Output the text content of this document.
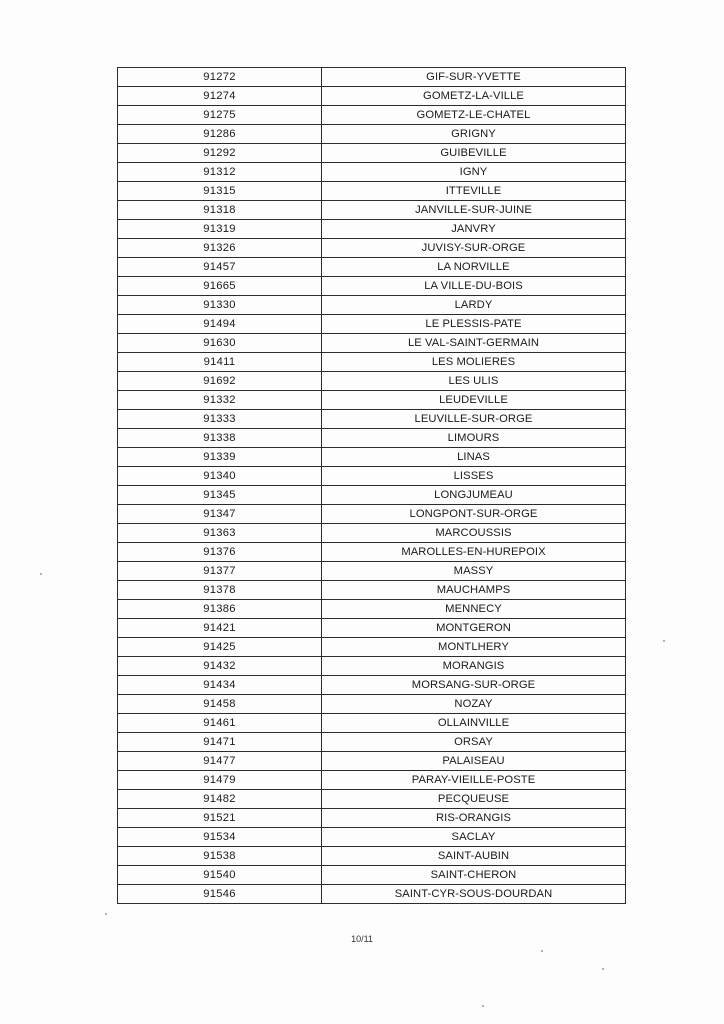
91272	GIF-SUR-YVETTE
91274	GOMETZ-LA-VILLE
91275	GOMETZ-LE-CHATEL
91286	GRIGNY
91292	GUIBEVILLE
91312	IGNY
91315	ITTEVILLE
91318	JANVILLE-SUR-JUINE
91319	JANVRY
91326	JUVISY-SUR-ORGE
91457	LA NORVILLE
91665	LA VILLE-DU-BOIS
91330	LARDY
91494	LE PLESSIS-PATE
91630	LE VAL-SAINT-GERMAIN
91411	LES MOLIERES
91692	LES ULIS
91332	LEUDEVILLE
91333	LEUVILLE-SUR-ORGE
91338	LIMOURS
91339	LINAS
91340	LISSES
91345	LONGJUMEAU
91347	LONGPONT-SUR-ORGE
91363	MARCOUSSIS
91376	MAROLLES-EN-HUREPOIX
91377	MASSY
91378	MAUCHAMPS
91386	MENNECY
91421	MONTGERON
91425	MONTLHERY
91432	MORANGIS
91434	MORSANG-SUR-ORGE
91458	NOZAY
91461	OLLAINVILLE
91471	ORSAY
91477	PALAISEAU
91479	PARAY-VIEILLE-POSTE
91482	PECQUEUSE
91521	RIS-ORANGIS
91534	SACLAY
91538	SAINT-AUBIN
91540	SAINT-CHERON
91546	SAINT-CYR-SOUS-DOURDAN
10/11
